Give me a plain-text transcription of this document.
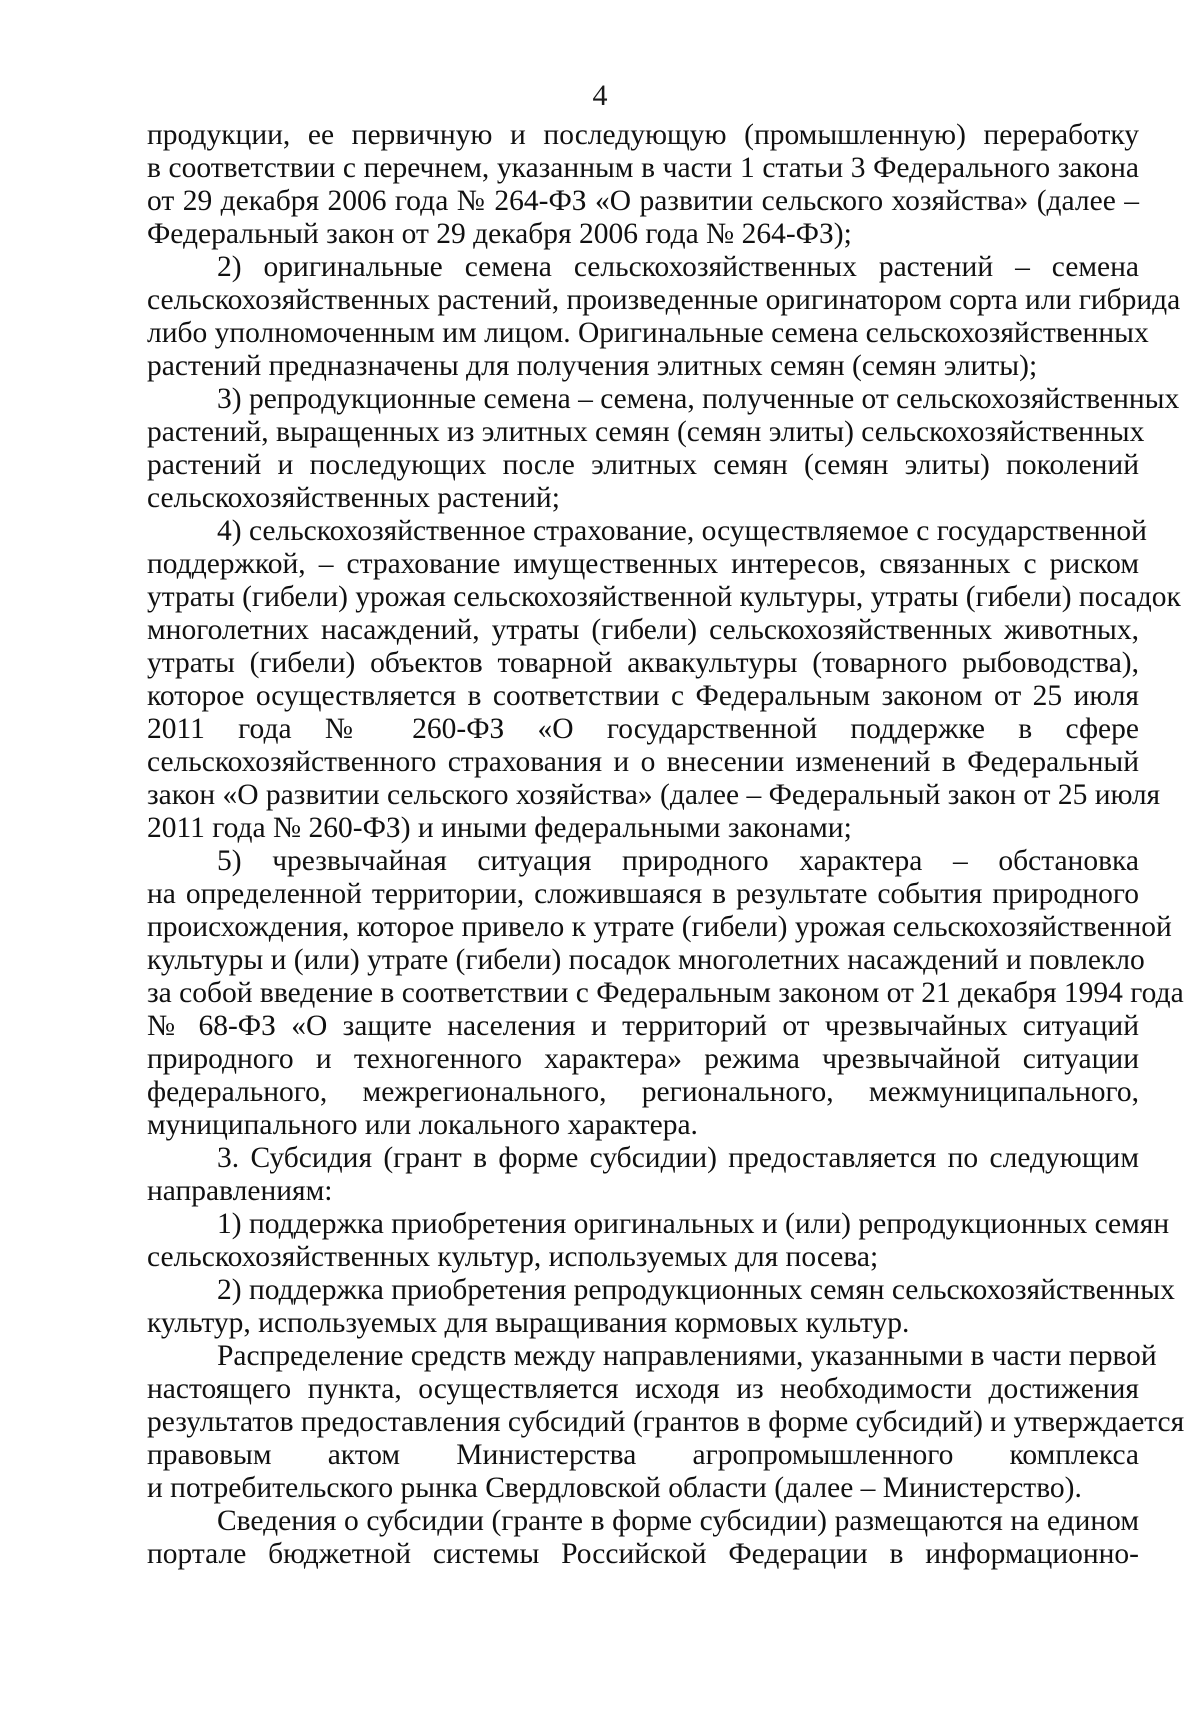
4

продукции, ее первичную и последующую (промышленную) переработку
в соответствии с перечнем, указанным в части 1 статьи 3 Федерального закона
от 29 декабря 2006 года № 264-ФЗ «О развитии сельского хозяйства» (далее –
Федеральный закон от 29 декабря 2006 года № 264-ФЗ);

2) оригинальные семена сельскохозяйственных растений – семена
сельскохозяйственных растений, произведенные оригинатором сорта или гибрида
либо уполномоченным им лицом. Оригинальные семена сельскохозяйственных
растений предназначены для получения элитных семян (семян элиты);

3) репродукционные семена – семена, полученные от сельскохозяйственных
растений, выращенных из элитных семян (семян элиты) сельскохозяйственных
растений и последующих после элитных семян (семян элиты) поколений
сельскохозяйственных растений;

4) сельскохозяйственное страхование, осуществляемое с государственной
поддержкой, – страхование имущественных интересов, связанных с риском
утраты (гибели) урожая сельскохозяйственной культуры, утраты (гибели) посадок
многолетних насаждений, утраты (гибели) сельскохозяйственных животных,
утраты (гибели) объектов товарной аквакультуры (товарного рыбоводства),
которое осуществляется в соответствии с Федеральным законом от 25 июля
2011 года № 260-ФЗ «О государственной поддержке в сфере
сельскохозяйственного страхования и о внесении изменений в Федеральный
закон «О развитии сельского хозяйства» (далее – Федеральный закон от 25 июля
2011 года № 260-ФЗ) и иными федеральными законами;

5) чрезвычайная ситуация природного характера – обстановка
на определенной территории, сложившаяся в результате события природного
происхождения, которое привело к утрате (гибели) урожая сельскохозяйственной
культуры и (или) утрате (гибели) посадок многолетних насаждений и повлекло
за собой введение в соответствии с Федеральным законом от 21 декабря 1994 года
№ 68-ФЗ «О защите населения и территорий от чрезвычайных ситуаций
природного и техногенного характера» режима чрезвычайной ситуации
федерального, межрегионального, регионального, межмуниципального,
муниципального или локального характера.

3. Субсидия (грант в форме субсидии) предоставляется по следующим
направлениям:

1) поддержка приобретения оригинальных и (или) репродукционных семян
сельскохозяйственных культур, используемых для посева;

2) поддержка приобретения репродукционных семян сельскохозяйственных
культур, используемых для выращивания кормовых культур.

Распределение средств между направлениями, указанными в части первой
настоящего пункта, осуществляется исходя из необходимости достижения
результатов предоставления субсидий (грантов в форме субсидий) и утверждается
правовым актом Министерства агропромышленного комплекса
и потребительского рынка Свердловской области (далее – Министерство).

Сведения о субсидии (гранте в форме субсидии) размещаются на едином
портале бюджетной системы Российской Федерации в информационно-
